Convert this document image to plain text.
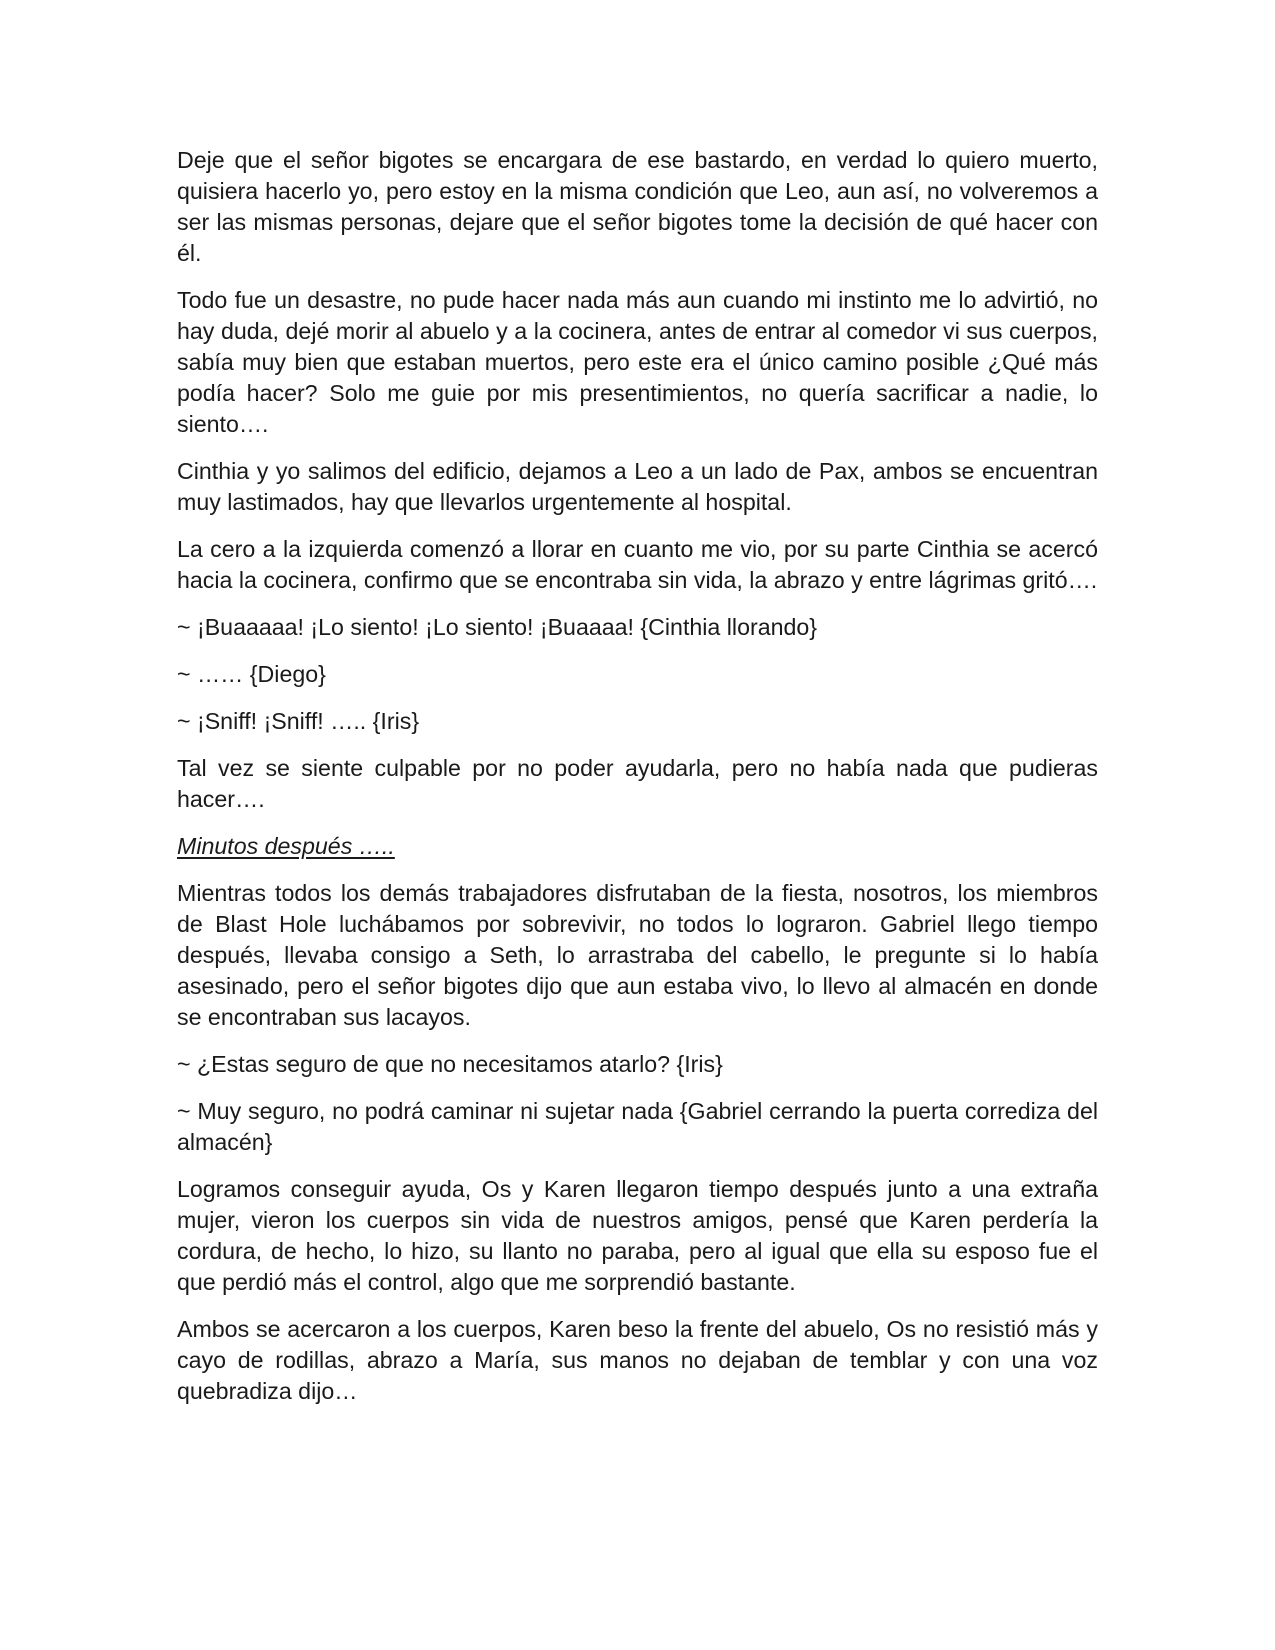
Deje que el señor bigotes se encargara de ese bastardo, en verdad lo quiero muerto, quisiera hacerlo yo, pero estoy en la misma condición que Leo, aun así, no volveremos a ser las mismas personas, dejare que el señor bigotes tome la decisión de qué hacer con él.

Todo fue un desastre, no pude hacer nada más aun cuando mi instinto me lo advirtió, no hay duda, dejé morir al abuelo y a la cocinera, antes de entrar al comedor vi sus cuerpos, sabía muy bien que estaban muertos, pero este era el único camino posible ¿Qué más podía hacer? Solo me guie por mis presentimientos, no quería sacrificar a nadie, lo siento….

Cinthia y yo salimos del edificio, dejamos a Leo a un lado de Pax, ambos se encuentran muy lastimados, hay que llevarlos urgentemente al hospital.

La cero a la izquierda comenzó a llorar en cuanto me vio, por su parte Cinthia se acercó hacia la cocinera, confirmo que se encontraba sin vida, la abrazo y entre lágrimas gritó….

~ ¡Buaaaaa! ¡Lo siento! ¡Lo siento! ¡Buaaaa! {Cinthia llorando}

~ …… {Diego}

~ ¡Sniff! ¡Sniff! ….. {Iris}

Tal vez se siente culpable por no poder ayudarla, pero no había nada que pudieras hacer….

Minutos después …..

Mientras todos los demás trabajadores disfrutaban de la fiesta, nosotros, los miembros de Blast Hole luchábamos por sobrevivir, no todos lo lograron. Gabriel llego tiempo después, llevaba consigo a Seth, lo arrastraba del cabello, le pregunte si lo había asesinado, pero el señor bigotes dijo que aun estaba vivo, lo llevo al almacén en donde se encontraban sus lacayos.

~ ¿Estas seguro de que no necesitamos atarlo? {Iris}

~ Muy seguro, no podrá caminar ni sujetar nada {Gabriel cerrando la puerta corrediza del almacén}

Logramos conseguir ayuda, Os y Karen llegaron tiempo después junto a una extraña mujer, vieron los cuerpos sin vida de nuestros amigos, pensé que Karen perdería la cordura, de hecho, lo hizo, su llanto no paraba, pero al igual que ella su esposo fue el que perdió más el control, algo que me sorprendió bastante.

Ambos se acercaron a los cuerpos, Karen beso la frente del abuelo, Os no resistió más y cayo de rodillas, abrazo a María, sus manos no dejaban de temblar y con una voz quebradiza dijo…
